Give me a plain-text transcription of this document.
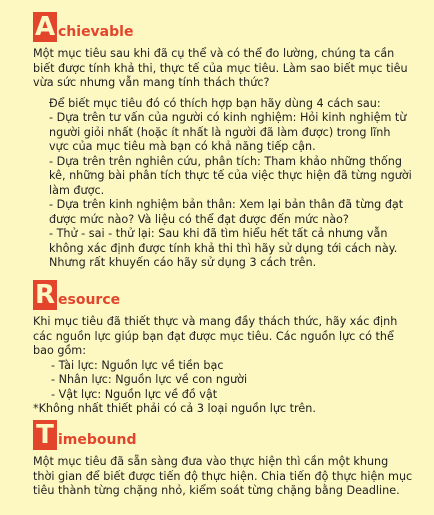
A chievable

Một mục tiêu sau khi đã cụ thể và có thể đo lường, chúng ta cần biết được tính khả thi, thực tế của mục tiêu. Làm sao biết mục tiêu vừa sức nhưng vẫn mang tính thách thức?

Để biết mục tiêu đó có thích hợp bạn hãy dùng 4 cách sau:

- Dựa trên tư vấn của người có kinh nghiệm: Hỏi kinh nghiệm từ người giỏi nhất (hoặc ít nhất là người đã làm được) trong lĩnh vực của mục tiêu mà bạn có khả năng tiếp cận.

- Dựa trên trên nghiên cứu, phân tích: Tham khảo những thống kê, những bài phân tích thực tế của việc thực hiện đã từng người làm được.

- Dựa trên kinh nghiệm bản thân: Xem lại bản thân đã từng đạt được mức nào? Và liệu có thể đạt được đến mức nào?

- Thử - sai - thử lại: Sau khi đã tìm hiểu hết tất cả nhưng vẫn không xác định được tính khả thi thì hãy sử dụng tới cách này. Nhưng rất khuyến cáo hãy sử dụng 3 cách trên.

R esource

Khi mục tiêu đã thiết thực và mang đầy thách thức, hãy xác định các nguồn lực giúp bạn đạt được mục tiêu. Các nguồn lực có thể bao gồm:

- Tài lực: Nguồn lực về tiền bạc

- Nhân lực: Nguồn lực về con người

- Vật lực: Nguồn lực về đồ vật

*Không nhất thiết phải có cả 3 loại nguồn lực trên.

T imebound

Một mục tiêu đã sẵn sàng đưa vào thực hiện thì cần một khung thời gian để biết được tiến độ thực hiện. Chia tiến độ thực hiện mục tiêu thành từng chặng nhỏ, kiểm soát từng chặng bằng Deadline.
